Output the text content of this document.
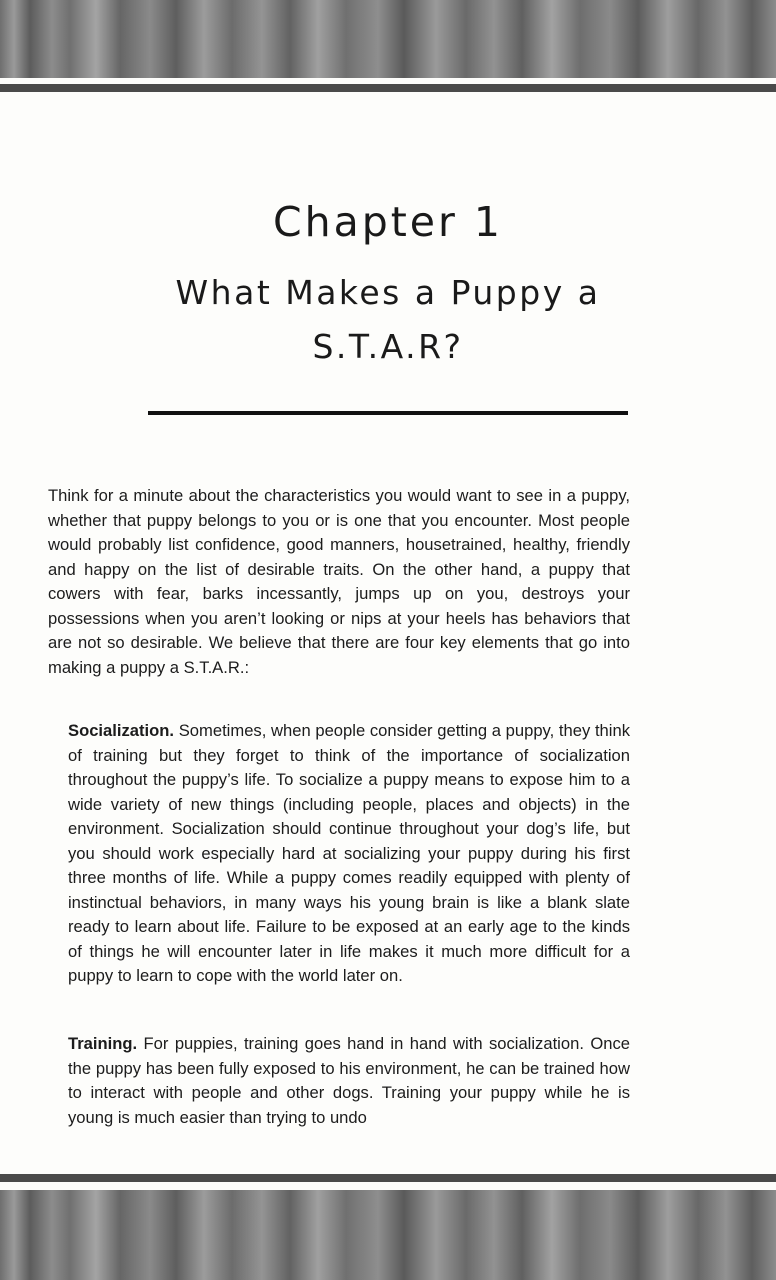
Chapter 1
What Makes a Puppy a S.T.A.R?

Think for a minute about the characteristics you would want to see in a puppy, whether that puppy belongs to you or is one that you encounter. Most people would probably list confidence, good manners, housetrained, healthy, friendly and happy on the list of desirable traits. On the other hand, a puppy that cowers with fear, barks incessantly, jumps up on you, destroys your possessions when you aren’t looking or nips at your heels has behaviors that are not so desirable. We believe that there are four key elements that go into making a puppy a S.T.A.R.:

Socialization. Sometimes, when people consider getting a puppy, they think of training but they forget to think of the importance of socialization throughout the puppy’s life. To socialize a puppy means to expose him to a wide variety of new things (including people, places and objects) in the environment. Socialization should continue throughout your dog’s life, but you should work especially hard at socializing your puppy during his first three months of life. While a puppy comes readily equipped with plenty of instinctual behaviors, in many ways his young brain is like a blank slate ready to learn about life. Failure to be exposed at an early age to the kinds of things he will encounter later in life makes it much more difficult for a puppy to learn to cope with the world later on.

Training. For puppies, training goes hand in hand with socialization. Once the puppy has been fully exposed to his environment, he can be trained how to interact with people and other dogs. Training your puppy while he is young is much easier than trying to undo
